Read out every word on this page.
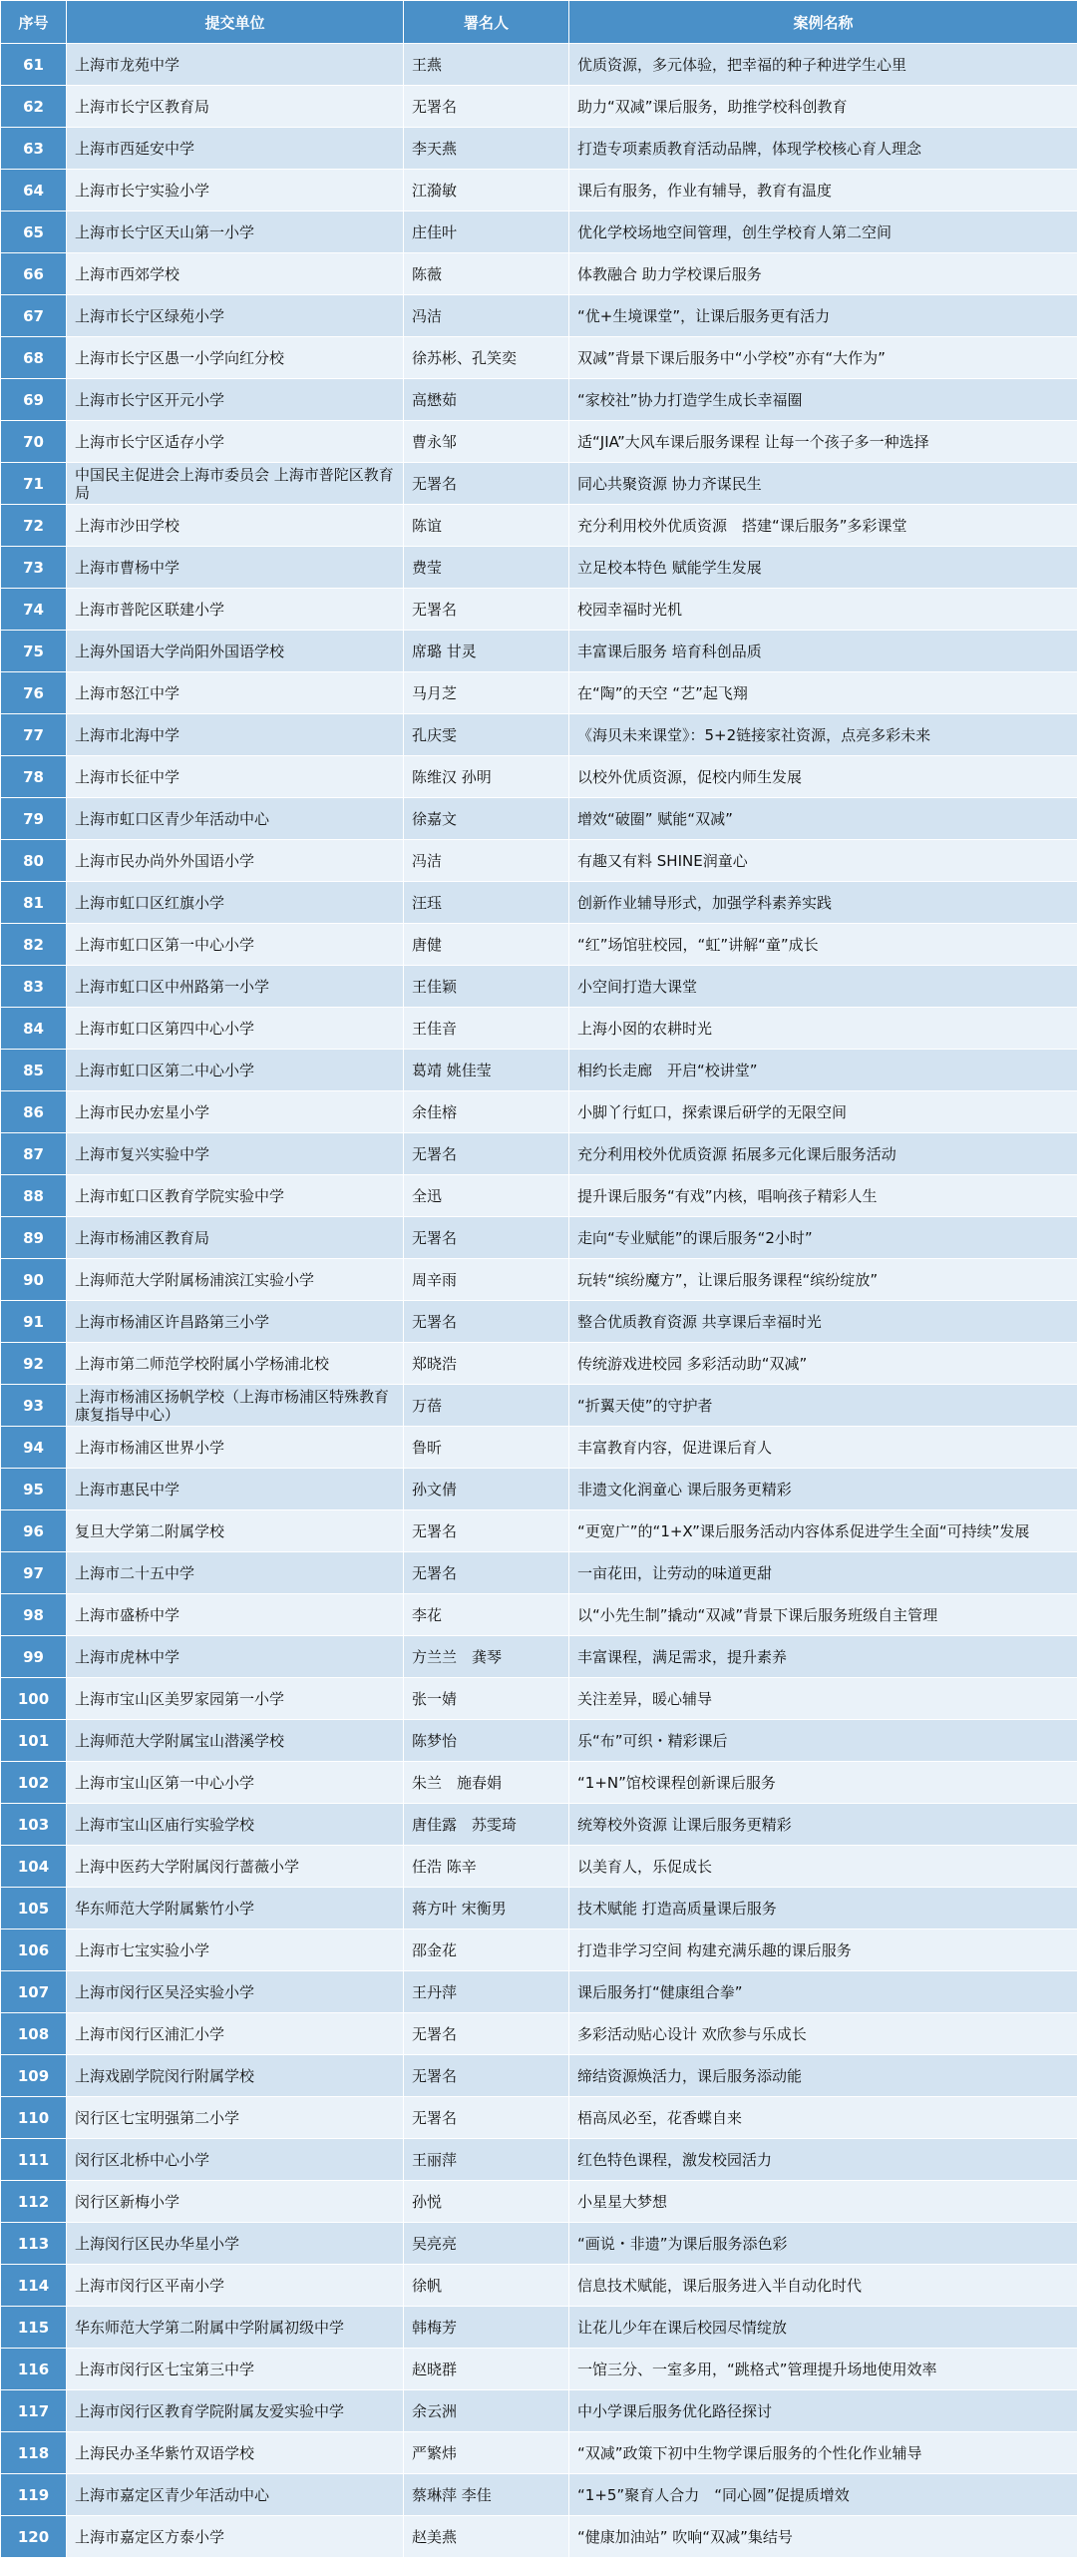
序号	提交单位	署名人	案例名称
61	上海市龙苑中学	王燕	优质资源，多元体验，把幸福的种子种进学生心里
62	上海市长宁区教育局	无署名	助力“双减”课后服务，助推学校科创教育
63	上海市西延安中学	李天燕	打造专项素质教育活动品牌，体现学校核心育人理念
64	上海市长宁实验小学	江漪敏	课后有服务，作业有辅导，教育有温度
65	上海市长宁区天山第一小学	庄佳叶	优化学校场地空间管理，创生学校育人第二空间
66	上海市西郊学校	陈薇	体教融合 助力学校课后服务
67	上海市长宁区绿苑小学	冯洁	“优+生境课堂”，让课后服务更有活力
68	上海市长宁区愚一小学向红分校	徐苏彬、孔笑奕	双减”背景下课后服务中“小学校”亦有“大作为”
69	上海市长宁区开元小学	高懋茹	“家校社”协力打造学生成长幸福圈
70	上海市长宁区适存小学	曹永邹	适“JIA”大风车课后服务课程 让每一个孩子多一种选择
71	中国民主促进会上海市委员会 上海市普陀区教育局	无署名	同心共聚资源 协力齐谋民生
72	上海市沙田学校	陈谊	充分利用校外优质资源　搭建“课后服务”多彩课堂
73	上海市曹杨中学	费莹	立足校本特色 赋能学生发展
74	上海市普陀区联建小学	无署名	校园幸福时光机
75	上海外国语大学尚阳外国语学校	席璐 甘灵	丰富课后服务 培育科创品质
76	上海市怒江中学	马月芝	在“陶”的天空 “艺”起飞翔
77	上海市北海中学	孔庆雯	《海贝未来课堂》：5+2链接家社资源，点亮多彩未来
78	上海市长征中学	陈维汉 孙明	以校外优质资源，促校内师生发展
79	上海市虹口区青少年活动中心	徐嘉文	增效“破圈” 赋能“双减”
80	上海市民办尚外外国语小学	冯洁	有趣又有料 SHINE润童心
81	上海市虹口区红旗小学	汪珏	创新作业辅导形式，加强学科素养实践
82	上海市虹口区第一中心小学	唐健	“红”场馆驻校园，“虹”讲解“童”成长
83	上海市虹口区中州路第一小学	王佳颖	小空间打造大课堂
84	上海市虹口区第四中心小学	王佳音	上海小囡的农耕时光
85	上海市虹口区第二中心小学	葛靖 姚佳莹	相约长走廊　开启“校讲堂”
86	上海市民办宏星小学	余佳榕	小脚丫行虹口，探索课后研学的无限空间
87	上海市复兴实验中学	无署名	充分利用校外优质资源 拓展多元化课后服务活动
88	上海市虹口区教育学院实验中学	全迅	提升课后服务“有戏”内核，唱响孩子精彩人生
89	上海市杨浦区教育局	无署名	走向“专业赋能”的课后服务“2小时”
90	上海师范大学附属杨浦滨江实验小学	周辛雨	玩转“缤纷魔方”，让课后服务课程“缤纷绽放”
91	上海市杨浦区许昌路第三小学	无署名	整合优质教育资源 共享课后幸福时光
92	上海市第二师范学校附属小学杨浦北校	郑晓浩	传统游戏进校园 多彩活动助“双减”
93	上海市杨浦区扬帆学校（上海市杨浦区特殊教育康复指导中心）	万蓓	“折翼天使”的守护者
94	上海市杨浦区世界小学	鲁昕	丰富教育内容，促进课后育人
95	上海市惠民中学	孙文倩	非遗文化润童心 课后服务更精彩
96	复旦大学第二附属学校	无署名	“更宽广”的“1+X”课后服务活动内容体系促进学生全面“可持续”发展
97	上海市二十五中学	无署名	一亩花田，让劳动的味道更甜
98	上海市盛桥中学	李花	以“小先生制”撬动“双减”背景下课后服务班级自主管理
99	上海市虎林中学	方兰兰　龚琴	丰富课程，满足需求，提升素养
100	上海市宝山区美罗家园第一小学	张一婧	关注差异，暖心辅导
101	上海师范大学附属宝山潜溪学校	陈梦怡	乐“布”可织・精彩课后
102	上海市宝山区第一中心小学	朱兰　施春娟	“1+N”馆校课程创新课后服务
103	上海市宝山区庙行实验学校	唐佳露　苏雯琦	统筹校外资源 让课后服务更精彩
104	上海中医药大学附属闵行蔷薇小学	任浩 陈辛	以美育人，乐促成长
105	华东师范大学附属紫竹小学	蒋方叶 宋衡男	技术赋能 打造高质量课后服务
106	上海市七宝实验小学	邵金花	打造非学习空间 构建充满乐趣的课后服务
107	上海市闵行区吴泾实验小学	王丹萍	课后服务打“健康组合拳”
108	上海市闵行区浦汇小学	无署名	多彩活动贴心设计 欢欣参与乐成长
109	上海戏剧学院闵行附属学校	无署名	缔结资源焕活力，课后服务添动能
110	闵行区七宝明强第二小学	无署名	梧高凤必至，花香蝶自来
111	闵行区北桥中心小学	王丽萍	红色特色课程，激发校园活力
112	闵行区新梅小学	孙悦	小星星大梦想
113	上海闵行区民办华星小学	吴亮亮	“画说・非遗”为课后服务添色彩
114	上海市闵行区平南小学	徐帆	信息技术赋能，课后服务进入半自动化时代
115	华东师范大学第二附属中学附属初级中学	韩梅芳	让花儿少年在课后校园尽情绽放
116	上海市闵行区七宝第三中学	赵晓群	一馆三分、一室多用，“跳格式”管理提升场地使用效率
117	上海市闵行区教育学院附属友爱实验中学	余云洲	中小学课后服务优化路径探讨
118	上海民办圣华紫竹双语学校	严繁炜	“双减”政策下初中生物学课后服务的个性化作业辅导
119	上海市嘉定区青少年活动中心	蔡琳萍 李佳	“1+5”聚育人合力　“同心圆”促提质增效
120	上海市嘉定区方泰小学	赵美燕	“健康加油站” 吹响“双减”集结号
